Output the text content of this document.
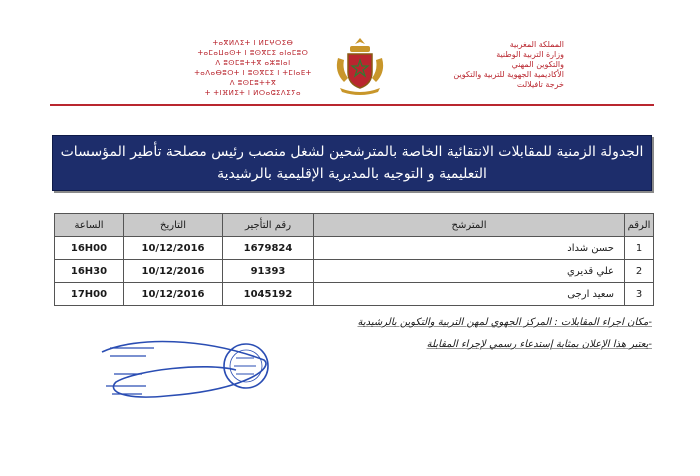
ⵜⴰⴳⵍⴷⵉⵜ ⵏ ⵍⵎⵖⵔⵉⴱ
ⵜⴰⵎⴰⵡⴰⵙⵜ ⵏ ⵓⵙⴳⵎⵉ ⴰⵏⴰⵎⵓⵔ
ⴷ ⵓⵙⵎⵓⵜⵜⴳ ⴰⵣⵓⵏⴰⵏ
ⵜⴰⴷⴰⴱⵓⵔⵜ ⵏ ⵓⵙⴳⵎⵉ ⵏ ⵜⵎⵏⴰⴹⵜ
ⴷ ⵓⵙⵎⵓⵜⵜⴳ
ⵜ ⵜⵏⴼⵍⵉⵜ ⵏ ⵍⵔⴰⵛⵉⴷⵉⵢⴰ
المملكة المغربية
وزارة التربية الوطنية
والتكوين المهني
الأكاديمية الجهوية للتربية والتكوين
خرجة تافيلالت
الجدولة الزمنية للمقابلات الانتقائية الخاصة بالمترشحين لشغل منصب رئيس مصلحة تأطير المؤسسات
التعليمية و التوجيه بالمديرية الإقليمية بالرشيدية
الرقم	المترشح	رقم التأجير	التاريخ	الساعة
1	حسن شداد	1679824	10/12/2016	16H00
2	علي قديري	91393	10/12/2016	16H30
3	سعيد ارجى	1045192	10/12/2016	17H00
-مكان اجراء المقابلات : المركز الجهوي لمهن التربية والتكوين بالرشيدية
-يعتبر هذا الإعلان بمثابة إستدعاء رسمي لإجراء المقابلة
